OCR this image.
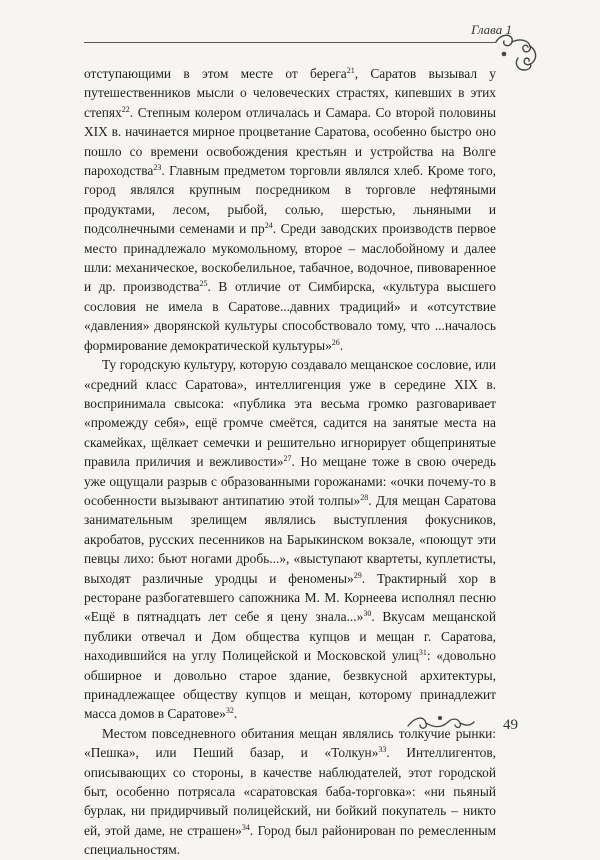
Глава 1

отступающими в этом месте от берега$^{21}$, Саратов вызывал у путешественников мысли о человеческих страстях, кипевших в этих степях$^{22}$. Степным колером отличалась и Самара. Со второй половины XIX в. начинается мирное процветание Саратова, особенно быстро оно пошло со времени освобождения крестьян и устройства на Волге пароходства$^{23}$. Главным предметом торговли являлся хлеб. Кроме того, город являлся крупным посредником в торговле нефтяными продуктами, лесом, рыбой, солью, шерстью, льняными и подсолнечными семенами и $пр^{24}$. Среди заводских производств первое место принадлежало мукомольному, второе – маслобойному и далее шли: механическое, воскобелильное, табачное, водочное, пивоваренное и др. производства$^{25}$. В отличие от Симбирска, «культура высшего сословия не имела в Саратове...давних традиций» и «отсутствие «давления» дворянской культуры способствовало тому, что ...началось формирование демократической культуры»$^{26}$.

Ту городскую культуру, которую создавало мещанское сословие, или «средний класс Саратова», интеллигенция уже в середине XIX в. воспринимала свысока: «публика эта весьма громко разговаривает «промежду себя», ещё громче смеётся, садится на занятые места на скамейках, щёлкает семечки и решительно игнорирует общепринятые правила приличия и вежливости»$^{27}$. Но мещане тоже в свою очередь уже ощущали разрыв с образованными горожанами: «очки почему-то в особенности вызывают антипатию этой толпы»$^{28}$. Для мещан Саратова занимательным зрелищем являлись выступления фокусников, акробатов, русских песенников на Барыкинском вокзале, «поющут эти певцы лихо: бьют ногами дробь...», «выступают квартеты, куплетисты, выходят различные уродцы и феномены»$^{29}$. Трактирный хор в ресторане разбогатевшего сапожника М. М. Корнеева исполнял песню «Ещё в пятнадцать лет себе я цену знала...»$^{30}$. Вкусам мещанской публики отвечал и Дом общества купцов и мещан г. Саратова, находившийся на углу Полицейской и Московской улиц$^{31}$: «довольно обширное и довольно старое здание, безвкусной архитектуры, принадлежащее обществу купцов и мещан, которому принадлежит масса домов в Саратове»$^{32}$.

Местом повседневного обитания мещан являлись толкучие рынки: «Пешка», или Пеший базар, и «Толкун»$^{33}$. Интеллигентов, описывающих со стороны, в качестве наблюдателей, этот городской быт, особенно потрясала «саратовская баба-торговка»: «ни пьяный бурлак, ни придирчивый полицейский, ни бойкий покупатель – никто ей, этой даме, не страшен»$^{34}$. Город был районирован по ремесленным специальностям.

49
